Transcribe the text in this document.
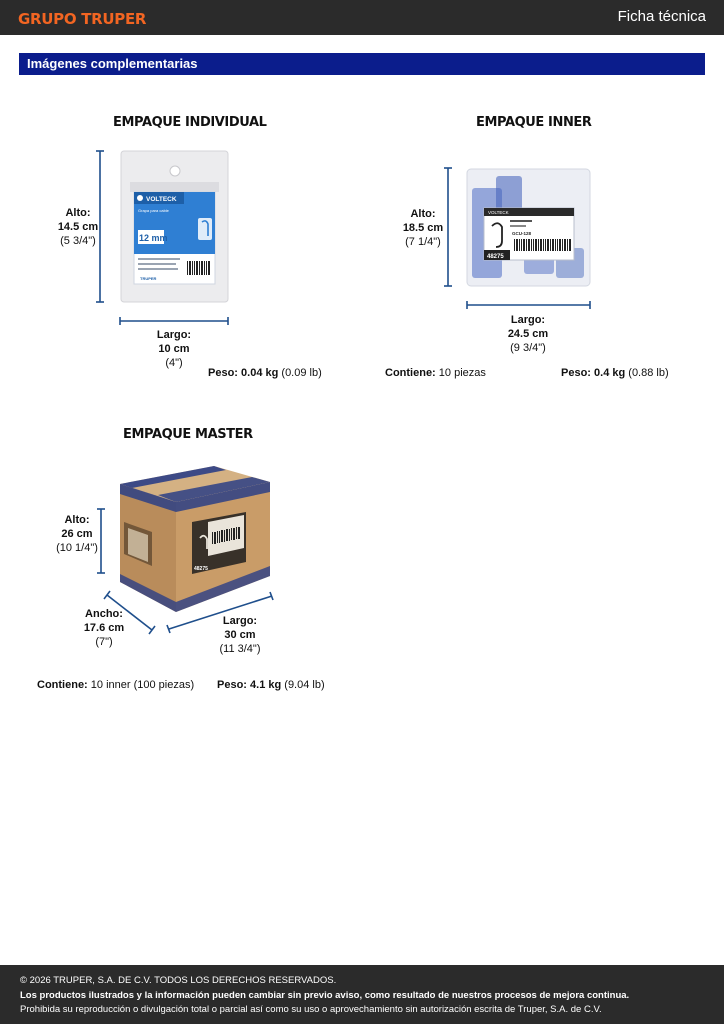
GRUPO TRUPER	Ficha técnica
Imágenes complementarias
EMPAQUE INDIVIDUAL
VOLTECK
Grapa para cable
12 mm
TRUPER
Alto:
14.5 cm
(5 3/4")
Largo:
10 cm
(4")
Peso: 0.04 kg (0.09 lb)
EMPAQUE INNER
VOLTECK
GCU-128
48275
Alto:
18.5 cm
(7 1/4")
Largo:
24.5 cm
(9 3/4")
Contiene: 10 piezas	Peso: 0.4 kg (0.88 lb)
EMPAQUE MASTER
48275
Alto:
26 cm
(10 1/4")
Ancho:
17.6 cm
(7")
Largo:
30 cm
(11 3/4")
Contiene: 10 inner (100 piezas) Peso: 4.1 kg (9.04 lb)
© 2026 TRUPER, S.A. DE C.V. TODOS LOS DERECHOS RESERVADOS.
Los productos ilustrados y la información pueden cambiar sin previo aviso, como resultado de nuestros procesos de mejora continua.
Prohibida su reproducción o divulgación total o parcial así como su uso o aprovechamiento sin autorización escrita de Truper, S.A. de C.V.
